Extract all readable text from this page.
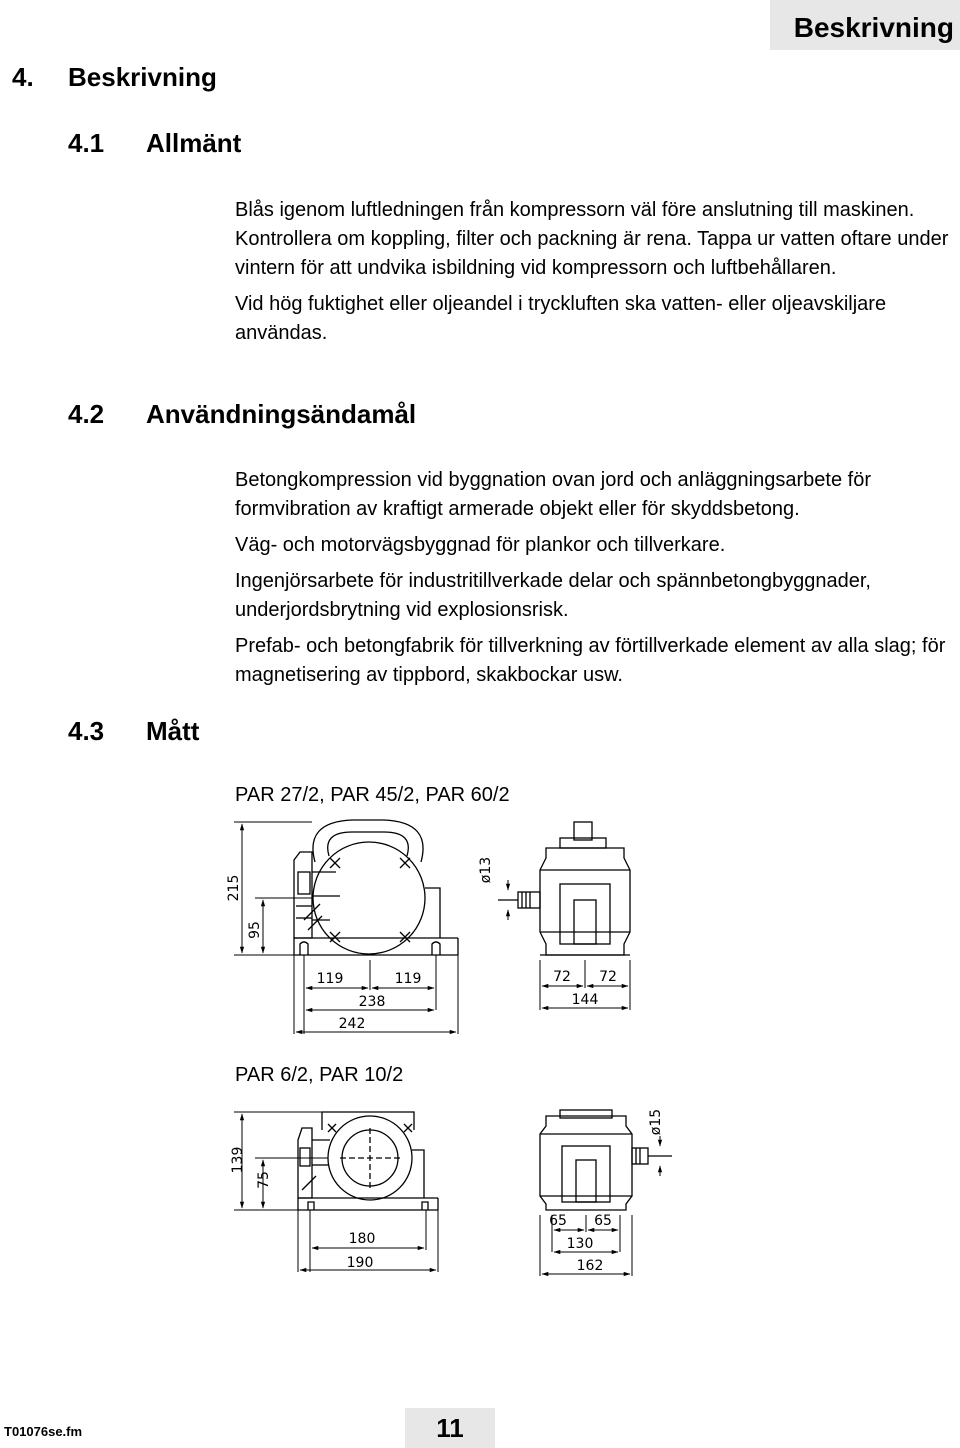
Beskrivning
4. Beskrivning
4.1 Allmänt

Blås igenom luftledningen från kompressorn väl före anslutning till maskinen. Kontrollera om koppling, filter och packning är rena. Tappa ur vatten oftare under vintern för att undvika isbildning vid kompressorn och luftbehållaren.

Vid hög fuktighet eller oljeandel i tryckluften ska vatten- eller oljeavskiljare användas.

4.2 Användningsändamål

Betongkompression vid byggnation ovan jord och anläggningsarbete för formvibration av kraftigt armerade objekt eller för skyddsbetong.

Väg- och motorvägsbyggnad för plankor och tillverkare.

Ingenjörsarbete för industritillverkade delar och spännbetongbyggnader, underjordsbrytning vid explosionsrisk.

Prefab- och betongfabrik för tillverkning av förtillverkade element av alla slag; för magnetisering av tippbord, skakbockar usw.

4.3 Mått
PAR 27/2, PAR 45/2, PAR 60/2
PAR 6/2, PAR 10/2
215
95
119	119
238
242
ø13
72 72
144
139
75
180
190
ø15
65 65
130
162
T01076se.fm	11
